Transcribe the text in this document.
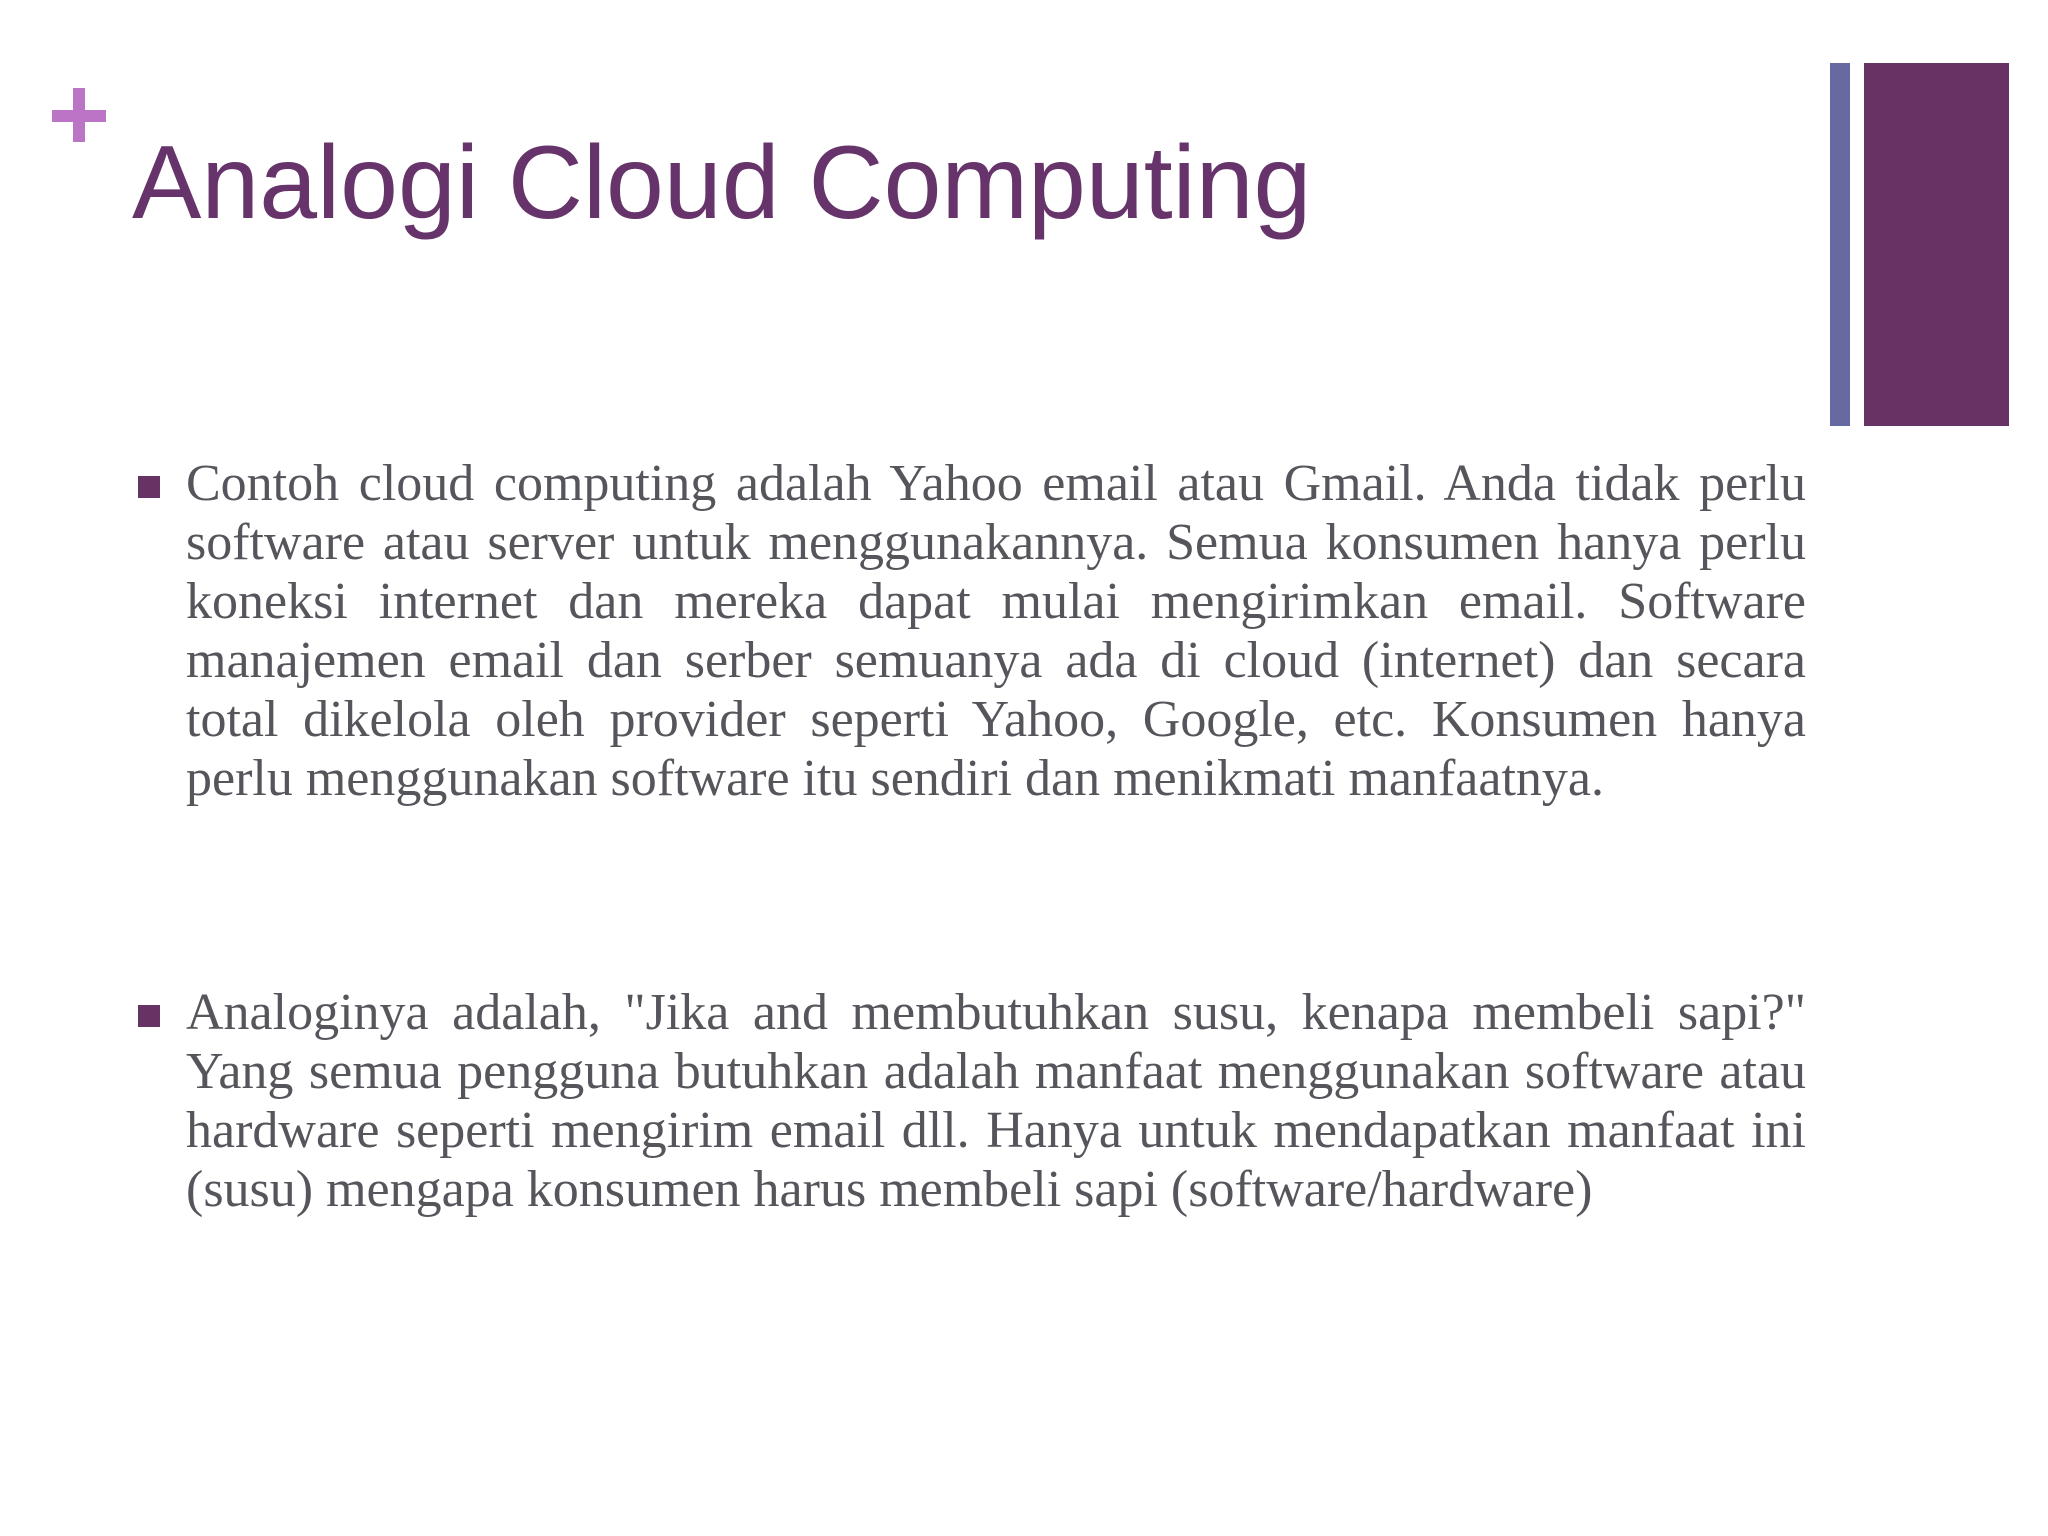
Analogi Cloud Computing
Contoh cloud computing adalah Yahoo email atau Gmail. Anda tidak perlu software atau server untuk menggunakannya. Semua konsumen hanya perlu koneksi internet dan mereka dapat mulai mengirimkan email. Software manajemen email dan serber semuanya ada di cloud (internet) dan secara total dikelola oleh provider seperti Yahoo, Google, etc. Konsumen hanya perlu menggunakan software itu sendiri dan menikmati manfaatnya.
Analoginya adalah, "Jika and membutuhkan susu, kenapa membeli sapi?" Yang semua pengguna butuhkan adalah manfaat menggunakan software atau hardware seperti mengirim email dll. Hanya untuk mendapatkan manfaat ini (susu) mengapa konsumen harus membeli sapi (software/hardware)
